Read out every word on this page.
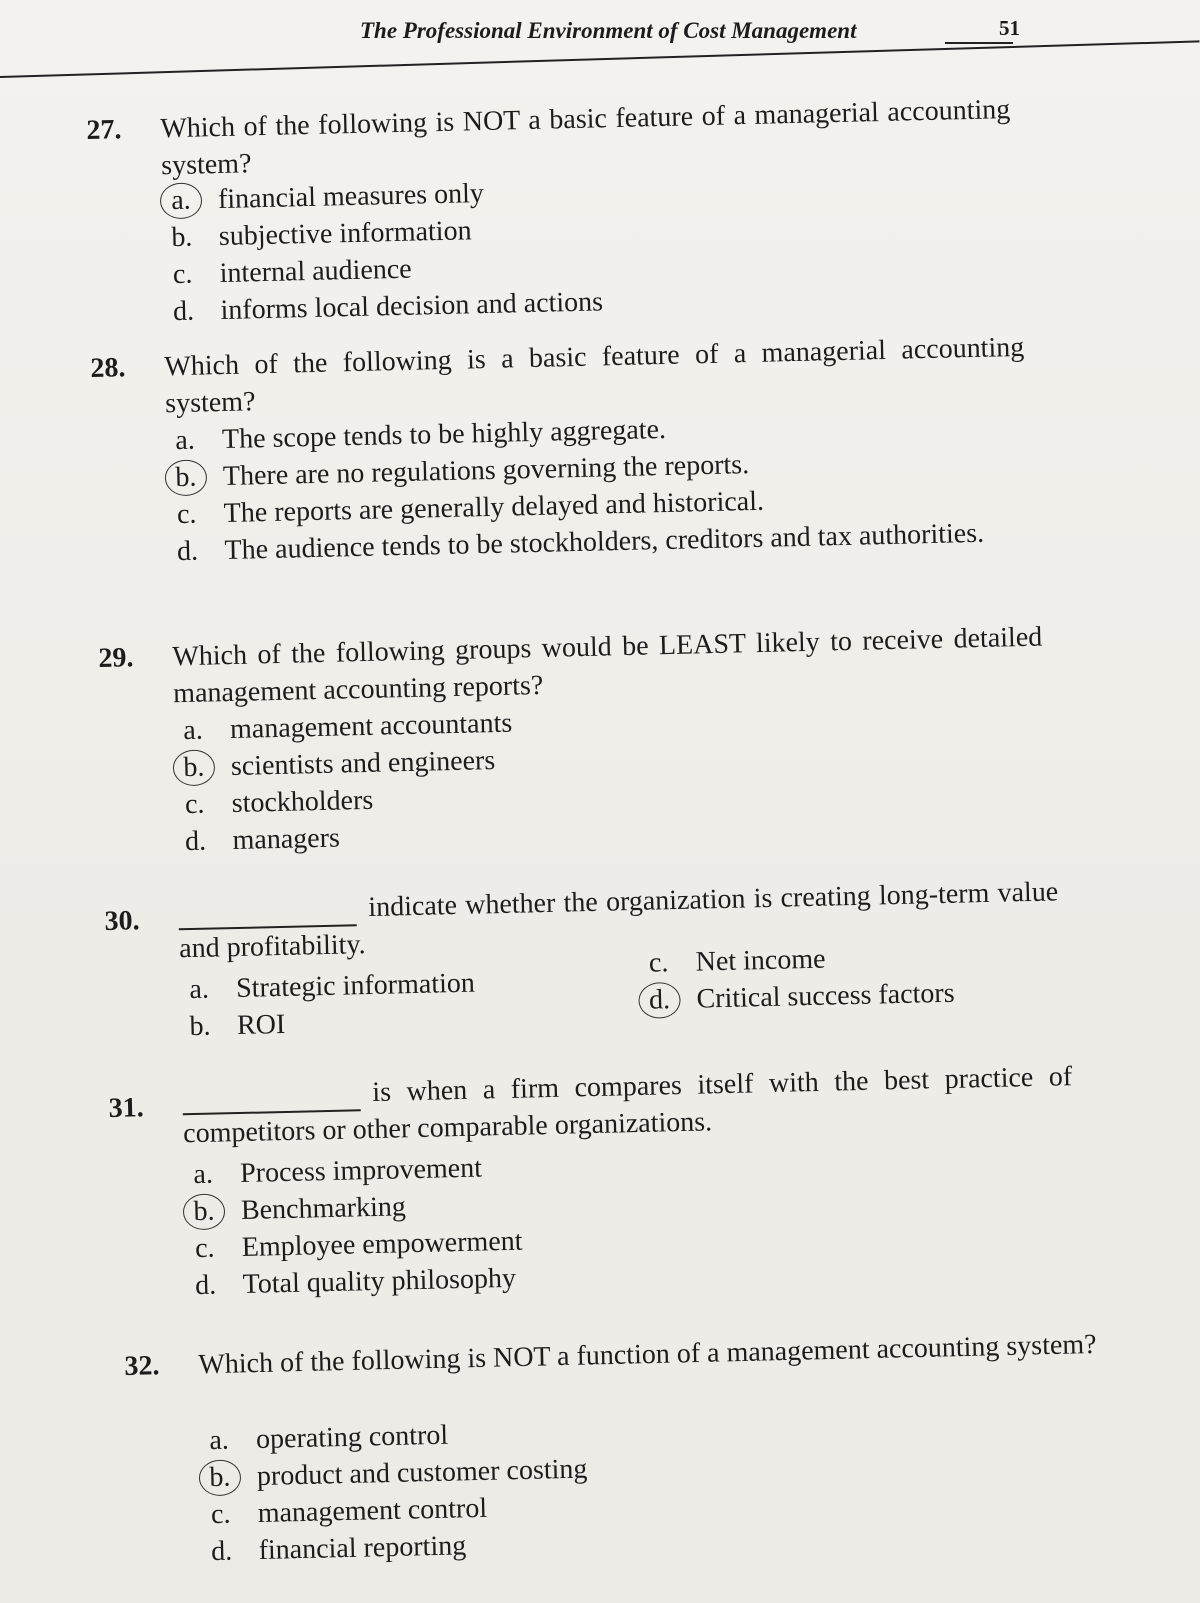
The Professional Environment of Cost Management	51
27. Which of the following is NOT a basic feature of a managerial accounting system?
a. financial measures only
b. subjective information
c. internal audience
d. informs local decision and actions
28. Which of the following is a basic feature of a managerial accounting system?
a. The scope tends to be highly aggregate.
b. There are no regulations governing the reports.
c. The reports are generally delayed and historical.
d. The audience tends to be stockholders, creditors and tax authorities.
29. Which of the following groups would be LEAST likely to receive detailed management accounting reports?
a. management accountants
b. scientists and engineers
c. stockholders
d. managers
30.	indicate whether the organization is creating long-term value and profitability.
a. Strategic information
b. ROI
c. Net income
d. Critical success factors
31.
is when a firm compares itself with the best practice of competitors or other comparable organizations.
a. Process improvement
b. Benchmarking
c. Employee empowerment
d. Total quality philosophy
32. Which of the following is NOT a function of a management accounting system?
a. operating control
b. product and customer costing
c. management control
d. financial reporting
